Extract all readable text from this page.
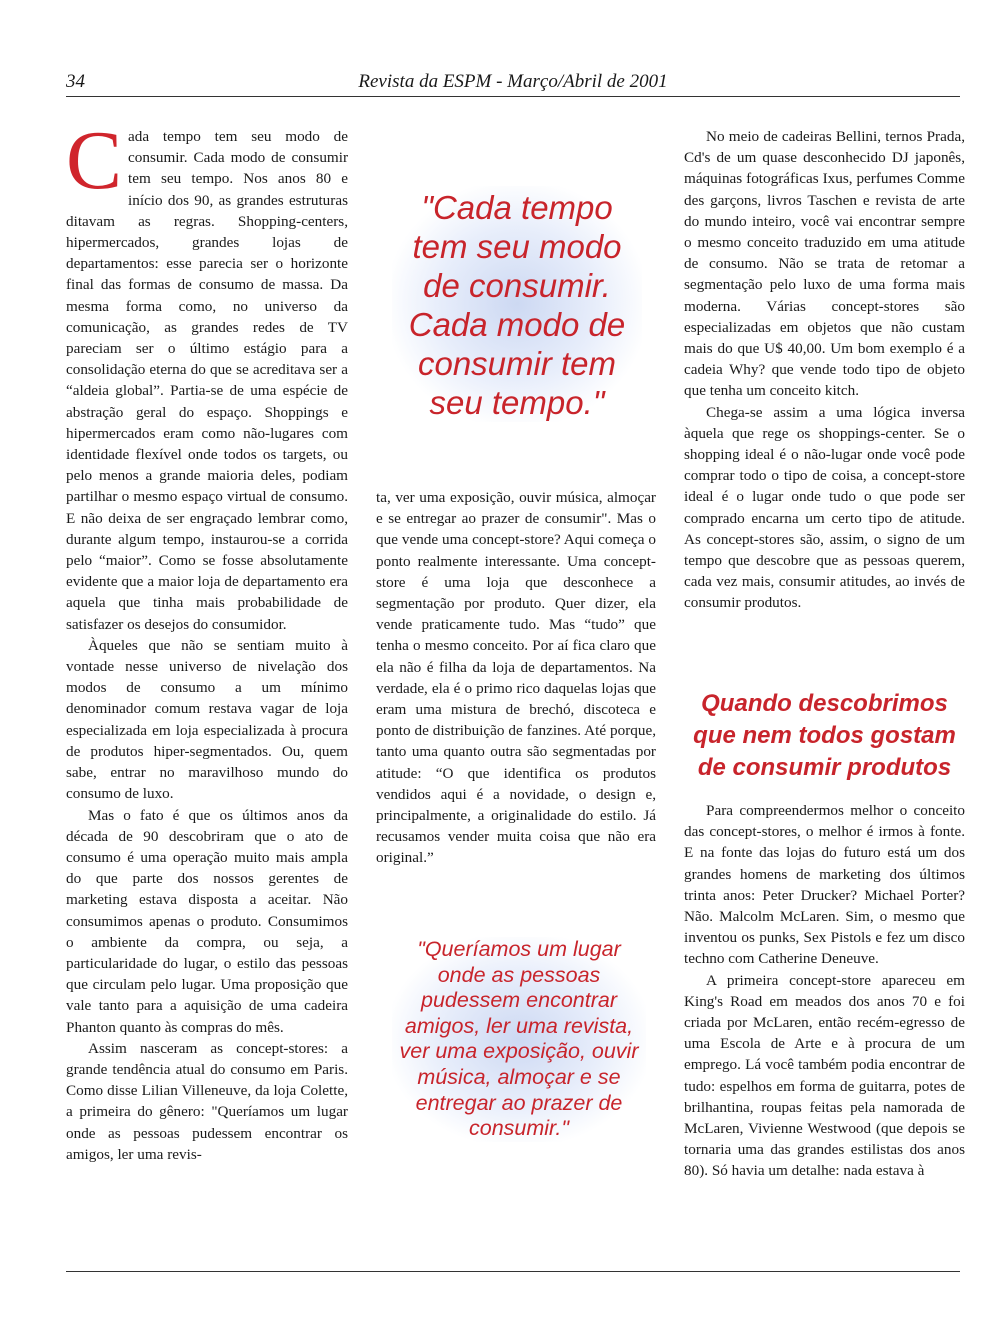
34	Revista da ESPM - Março/Abril de 2001

Cada tempo tem seu modo de consumir. Cada modo de consumir tem seu tempo. Nos anos 80 e início dos 90, as grandes estruturas ditavam as regras. Shopping-centers, hipermercados, grandes lojas de departamentos: esse parecia ser o horizonte final das formas de consumo de massa. Da mesma forma como, no universo da comunicação, as grandes redes de TV pareciam ser o último estágio para a consolidação eterna do que se acreditava ser a “aldeia global”. Partia-se de uma espécie de abstração geral do espaço. Shoppings e hipermercados eram como não-lugares com identidade flexível onde todos os targets, ou pelo menos a grande maioria deles, podiam partilhar o mesmo espaço virtual de consumo. E não deixa de ser engraçado lembrar como, durante algum tempo, instaurou-se a corrida pelo “maior”. Como se fosse absolutamente evidente que a maior loja de departamento era aquela que tinha mais probabilidade de satisfazer os desejos do consumidor.

Àqueles que não se sentiam muito à vontade nesse universo de nivelação dos modos de consumo a um mínimo denominador comum restava vagar de loja especializada em loja especializada à procura de produtos hiper-segmentados. Ou, quem sabe, entrar no maravilhoso mundo do consumo de luxo.

Mas o fato é que os últimos anos da década de 90 descobriram que o ato de consumo é uma operação muito mais ampla do que parte dos nossos gerentes de marketing estava disposta a aceitar. Não consumimos apenas o produto. Consumimos o ambiente da compra, ou seja, a particularidade do lugar, o estilo das pessoas que circulam pelo lugar. Uma proposição que vale tanto para a aquisição de uma cadeira Phanton quanto às compras do mês.

Assim nasceram as concept-stores: a grande tendência atual do consumo em Paris. Como disse Lilian Villeneuve, da loja Colette, a primeira do gênero: "Queríamos um lugar onde as pessoas pudessem encontrar os amigos, ler uma revis-

"Cada tempo tem seu modo de consumir. Cada modo de consumir tem seu tempo."

ta, ver uma exposição, ouvir música, almoçar e se entregar ao prazer de consumir". Mas o que vende uma concept-store? Aqui começa o ponto realmente interessante. Uma concept-store é uma loja que desconhece a segmentação por produto. Quer dizer, ela vende praticamente tudo. Mas “tudo” que tenha o mesmo conceito. Por aí fica claro que ela não é filha da loja de departamentos. Na verdade, ela é o primo rico daquelas lojas que eram uma mistura de brechó, discoteca e ponto de distribuição de fanzines. Até porque, tanto uma quanto outra são segmentadas por atitude: “O que identifica os produtos vendidos aqui é a novidade, o design e, principalmente, a originalidade do estilo. Já recusamos vender muita coisa que não era original.”

"Queríamos um lugar onde as pessoas pudessem encontrar amigos, ler uma revista, ver uma exposição, ouvir música, almoçar e se entregar ao prazer de consumir."

No meio de cadeiras Bellini, ternos Prada, Cd's de um quase desconhecido DJ japonês, máquinas fotográficas Ixus, perfumes Comme des garçons, livros Taschen e revista de arte do mundo inteiro, você vai encontrar sempre o mesmo conceito traduzido em uma atitude de consumo. Não se trata de retomar a segmentação pelo luxo de uma forma mais moderna. Várias concept-stores são especializadas em objetos que não custam mais do que U$ 40,00. Um bom exemplo é a cadeia Why? que vende todo tipo de objeto que tenha um conceito kitch.

Chega-se assim a uma lógica inversa àquela que rege os shoppings-center. Se o shopping ideal é o não-lugar onde você pode comprar todo o tipo de coisa, a concept-store ideal é o lugar onde tudo o que pode ser comprado encarna um certo tipo de atitude. As concept-stores são, assim, o signo de um tempo que descobre que as pessoas querem, cada vez mais, consumir atitudes, ao invés de consumir produtos.

Quando descobrimos que nem todos gostam de consumir produtos

Para compreendermos melhor o conceito das concept-stores, o melhor é irmos à fonte. E na fonte das lojas do futuro está um dos grandes homens de marketing dos últimos trinta anos: Peter Drucker? Michael Porter? Não. Malcolm McLaren. Sim, o mesmo que inventou os punks, Sex Pistols e fez um disco techno com Catherine Deneuve.

A primeira concept-store apareceu em King's Road em meados dos anos 70 e foi criada por McLaren, então recém-egresso de uma Escola de Arte e à procura de um emprego. Lá você também podia encontrar de tudo: espelhos em forma de guitarra, potes de brilhantina, roupas feitas pela namorada de McLaren, Vivienne Westwood (que depois se tornaria uma das grandes estilistas dos anos 80). Só havia um detalhe: nada estava à
